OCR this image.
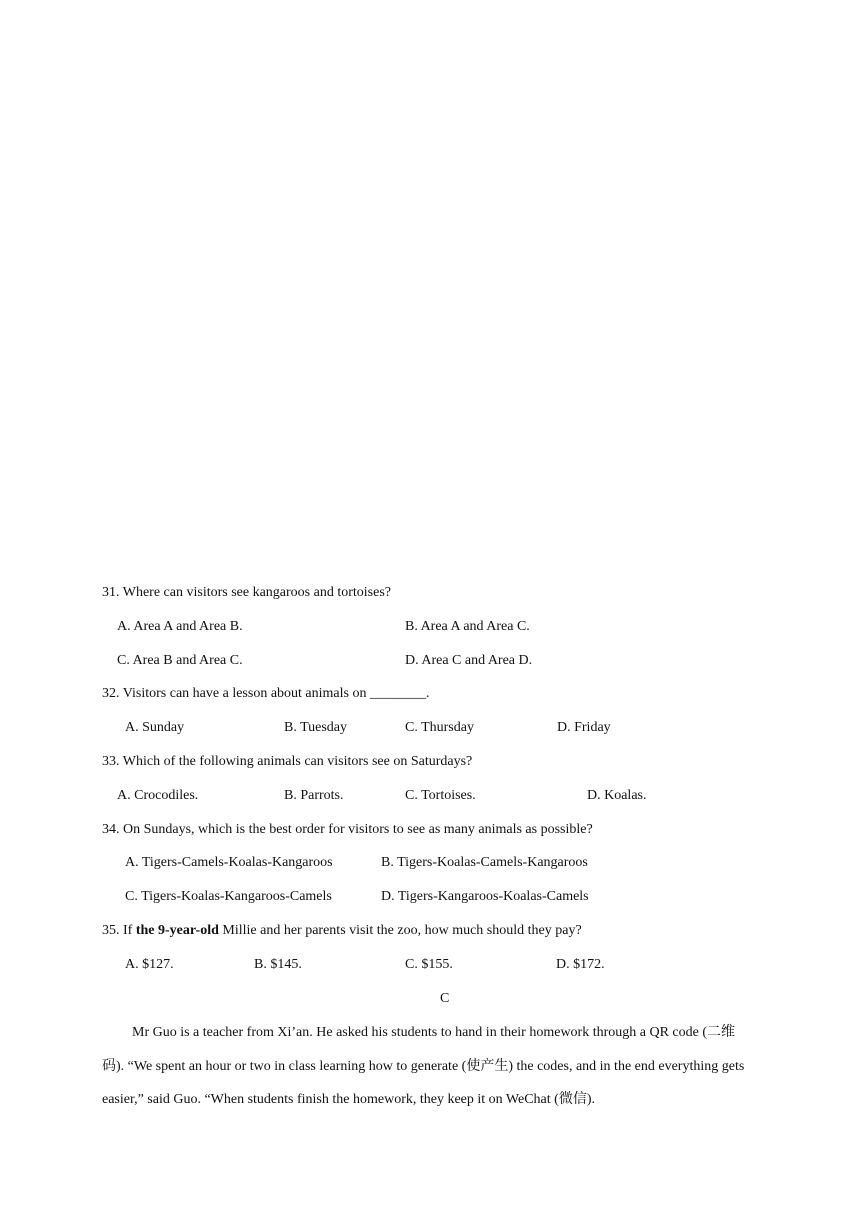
31. Where can visitors see kangaroos and tortoises?
A. Area A and Area B.	B. Area A and Area C.
C. Area B and Area C.	D. Area C and Area D.
32. Visitors can have a lesson about animals on ________.
A. Sunday	B. Tuesday	C. Thursday	D. Friday
33. Which of the following animals can visitors see on Saturdays?
A. Crocodiles.	B. Parrots.	C. Tortoises.	D. Koalas.
34. On Sundays, which is the best order for visitors to see as many animals as possible?
A. Tigers-Camels-Koalas-Kangaroos	B. Tigers-Koalas-Camels-Kangaroos
C. Tigers-Koalas-Kangaroos-Camels	D. Tigers-Kangaroos-Koalas-Camels
35. If the 9-year-old Millie and her parents visit the zoo, how much should they pay?
A. $127.	B. $145.	C. $155.	D. $172.
C
Mr Guo is a teacher from Xi’an. He asked his students to hand in their homework through a QR code (二维码). “We spent an hour or two in class learning how to generate (使产生) the codes, and in the end everything gets easier,” said Guo. “When students finish the homework, they keep it on WeChat (微信).
